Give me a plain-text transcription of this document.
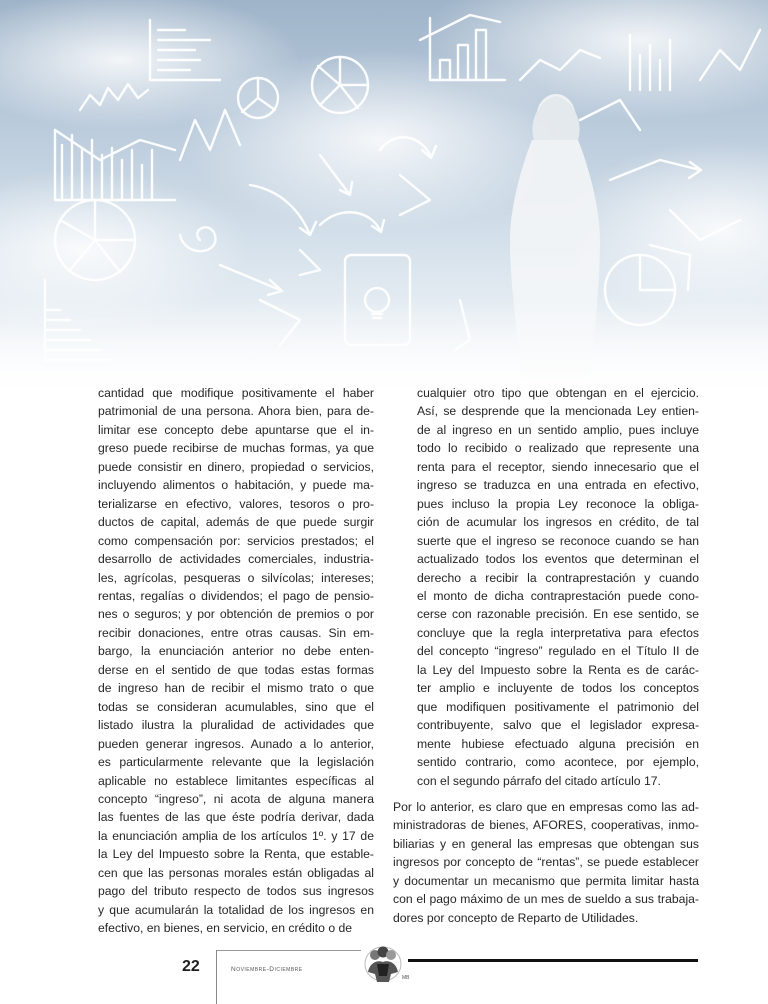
cantidad que modifique positivamente el haber
patrimonial de una persona. Ahora bien, para de-
limitar ese concepto debe apuntarse que el in-
greso puede recibirse de muchas formas, ya que
puede consistir en dinero, propiedad o servicios,
incluyendo alimentos o habitación, y puede ma-
terializarse en efectivo, valores, tesoros o pro-
ductos de capital, además de que puede surgir
como compensación por: servicios prestados; el
desarrollo de actividades comerciales, industria-
les, agrícolas, pesqueras o silvícolas; intereses;
rentas, regalías o dividendos; el pago de pensio-
nes o seguros; y por obtención de premios o por
recibir donaciones, entre otras causas. Sin em-
bargo, la enunciación anterior no debe enten-
derse en el sentido de que todas estas formas
de ingreso han de recibir el mismo trato o que
todas se consideran acumulables, sino que el
listado ilustra la pluralidad de actividades que
pueden generar ingresos. Aunado a lo anterior,
es particularmente relevante que la legislación
aplicable no establece limitantes específicas al
concepto “ingreso”, ni acota de alguna manera
las fuentes de las que éste podría derivar, dada
la enunciación amplia de los artículos 1º. y 17 de
la Ley del Impuesto sobre la Renta, que estable-
cen que las personas morales están obligadas al
pago del tributo respecto de todos sus ingresos
y que acumularán la totalidad de los ingresos en
efectivo, en bienes, en servicio, en crédito o de
cualquier otro tipo que obtengan en el ejercicio.
Así, se desprende que la mencionada Ley entien-
de al ingreso en un sentido amplio, pues incluye
todo lo recibido o realizado que represente una
renta para el receptor, siendo innecesario que el
ingreso se traduzca en una entrada en efectivo,
pues incluso la propia Ley reconoce la obliga-
ción de acumular los ingresos en crédito, de tal
suerte que el ingreso se reconoce cuando se han
actualizado todos los eventos que determinan el
derecho a recibir la contraprestación y cuando
el monto de dicha contraprestación puede cono-
cerse con razonable precisión. En ese sentido, se
concluye que la regla interpretativa para efectos
del concepto “ingreso” regulado en el Título II de
la Ley del Impuesto sobre la Renta es de carác-
ter amplio e incluyente de todos los conceptos
que modifiquen positivamente el patrimonio del
contribuyente, salvo que el legislador expresa-
mente hubiese efectuado alguna precisión en
sentido contrario, como acontece, por ejemplo,
con el segundo párrafo del citado artículo 17.
Por lo anterior, es claro que en empresas como las ad-
ministradoras de bienes, AFORES, cooperativas, inmo-
biliarias y en general las empresas que obtengan sus
ingresos por concepto de “rentas”, se puede establecer
y documentar un mecanismo que permita limitar hasta
con el pago máximo de un mes de sueldo a sus trabaja-
dores por concepto de Reparto de Utilidades.
22	Noviembre-Diciembre
MB
